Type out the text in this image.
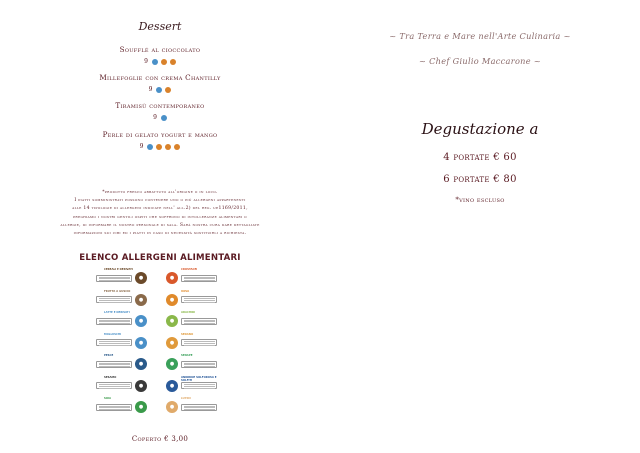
Dessert
Soufflé al cioccolato
9
Millefoglie con crema Chantilly
9
Tiramisù contemporaneo
9
Perle di gelato yogurt e mango
9
*prodotto fresco abbattuto all'origine o in loco.
I piatti somministrati possono contenere uno o più allergeni appartenenti
alle 14 tipologie di allergeni indicate nell' all.2) del reg. ue1169/2011,
preghiamo i nostri gentili ospiti che soffrono di intolleranze alimentari o
allergie, di informare il nostro personale di sala. Sarà nostra cura dare dettagliate
informazioni sui cibi ed i piatti in caso di necessità sostituirli a richiesta.
ELENCO ALLERGENI ALIMENTARI
●
CEREALI E DERIVATI
●
FRUTTA A GUSCIO
●
LATTE E DERIVATI
●
MOLLUSCHI
●
PESCE
●
SESAMO
●
SOIA
●
CROSTACEI
●
UOVA
●
ARACHIDI
●
SEDANO
●
SENAPE
●
ANIDRIDE SOLFOROSA E SOLFITI
●
LUPINI
Coperto € 3,00
~ Tra Terra e Mare nell'Arte Culinaria ~
~ Chef Giulio Maccarone ~
Degustazione a
4 portate € 60
6 portate € 80
*vino escluso
